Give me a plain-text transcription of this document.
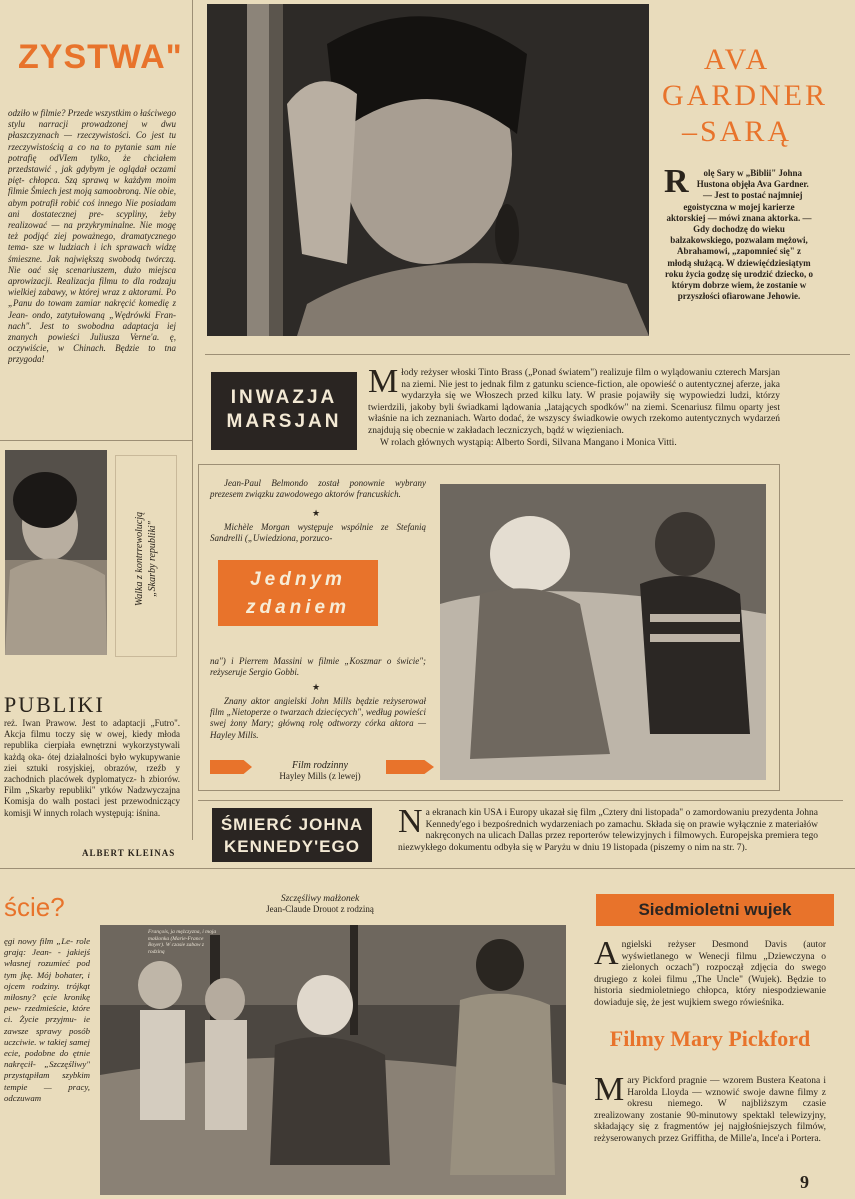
ZYSTWA"
odziło w filmie? Przede wszystkim o łaściwego stylu narracji prowadzonej w dwu płaszczyznach — rzeczywistości. Co jest tu rzeczywistością a co na to pytanie sam nie potrafię odVIem tylko, że chciałem przedstawić , jak gdybym je oglądał oczami pięt- chłopca. Szą sprawą w każdym moim filmie Śmiech jest moją samoobroną. Nie obie, abym potrafił robić coś innego Nie posiadam ani dostatecznej pre- scypliny, żeby realizować — na przykryminalne. Nie mogę też podjąć ziej poważnego, dramatycznego tema- sze w ludziach i ich sprawach widzę śmieszne. Jak największą swobodą twórczą. Nie oać się scenariuszem, dużo miejsca aprowizacji. Realizacja filmu to dla rodzaju wielkiej zabawy, w której wraz z aktorami. Po „Panu do towam zamiar nakręcić komedię z Jean- ondo, zatytułowaną „Wędrówki Fran- nach". Jest to swobodna adaptacja iej znanych powieści Juliusza Verne'a. ę, oczywiście, w Chinach. Będzie to tna przygoda!
Walka z kontrrewolucją „Skarby republiki"
PUBLIKI
reż. Iwan Prawow. Jest to adaptacji „Futro". Akcja filmu toczy się w owej, kiedy młoda republika cierpiała ewnętrzni wykorzystywali każdą oka- ótej działalności było wykupywanie ziei sztuki rosyjskiej, obrazów, rzeźb y zachodnich placówek dyplomatycz- h zbiorów. Film „Skarby republiki" ytków Nadzwyczajna Komisja do walh postaci jest przewodniczący komisji W innych rolach występują: iśnina.
ALBERT KLEINAS
AVA
GARDNER
–SARĄ
R olę Sary w „Biblii" Johna Hustona objęła Ava Gardner. — Jest to postać najmniej egoistyczna w mojej karierze aktorskiej — mówi znana aktorka. — Gdy dochodzę do wieku balzakowskiego, pozwalam mężowi, Abrahamowi, „zapomnieć się" z młodą służącą. W dziewięćdziesiątym roku życia godzę się urodzić dziecko, o którym dobrze wiem, że zostanie w przyszłości ofiarowane Jehowie.
INWAZJA
MARSJAN
Młody reżyser włoski Tinto Brass („Ponad światem") realizuje film o wylądowaniu czterech Marsjan na ziemi. Nie jest to jednak film z gatunku science-fiction, ale opowieść o autentycznej aferze, jaka wydarzyła się we Włoszech przed kilku laty. W prasie pojawiły się wypowiedzi ludzi, którzy twierdzili, jakoby byli świadkami lądowania „latających spodków" na ziemi. Scenariusz filmu oparty jest właśnie na ich zeznaniach. Warto dodać, że wszyscy świadkowie owych rzekomo autentycznych wydarzeń znajdują się obecnie w zakładach leczniczych, bądź w więzieniach.
W rolach głównych wystąpią: Alberto Sordi, Silvana Mangano i Monica Vitti.
Jean-Paul Belmondo został ponownie wybrany prezesem związku zawodowego aktorów francuskich.
★
Michèle Morgan występuje wspólnie ze Stefanią Sandrelli („Uwiedziona, porzuco-
Jednym
zdaniem
na") i Pierrem Massini w filmie „Koszmar o świcie"; reżyseruje Sergio Gobbi.
★
Znany aktor angielski John Mills będzie reżyserował film „Nietoperze o twarzach dziecięcych", według powieści swej żony Mary; główną rolę odtworzy córka aktora — Hayley Mills.
Film rodzinny
Hayley Mills (z lewej)
ŚMIERĆ JOHNA
KENNEDY'EGO
Na ekranach kin USA i Europy ukazał się film „Cztery dni listopada" o zamordowaniu prezydenta Johna Kennedy'ego i bezpośrednich wydarzeniach po zamachu. Składa się on prawie wyłącznie z materiałów nakręconych na ulicach Dallas przez reporterów telewizyjnych i filmowych. Europejska premiera tego niezwykłego dokumentu odbyła się w Paryżu w dniu 19 listopada (piszemy o nim na str. 7).
ście?
ęgi nowy film „Le- role grają: Jean- - jakiejś własnej rozumieć pod tym jkę. Mój bohater, i ojcem rodziny. trójkąt miłosny? ęcie kronikę pew- rzedmieście, które ci. Życie przyjmu- ie zawsze sprawy posób uczciwie. w takiej samej ecie, podobne do ętnie nakręcił- „Szczęśliwy" przystąpiłam szybkim tempie — pracy, odczuwam
Szczęśliwy małżonek
Jean-Claude Drouot z rodziną
François, ja mężczyzna, i moja małżonka (Marie-France Boyer). W czasie zabaw z rodziną
Siedmioletni wujek
Angielski reżyser Desmond Davis (autor wyświetlanego w Wenecji filmu „Dziewczyna o zielonych oczach") rozpoczął zdjęcia do swego drugiego z kolei filmu „The Uncle" (Wujek). Będzie to historia siedmioletniego chłopca, który niespodziewanie dowiaduje się, że jest wujkiem swego rówieśnika.
Filmy Mary Pickford
Mary Pickford pragnie — wzorem Bustera Keatona i Harolda Lloyda — wznowić swoje dawne filmy z okresu niemego. W najbliższym czasie zrealizowany zostanie 90-minutowy spektakl telewizyjny, składający się z fragmentów jej najgłośniejszych filmów, reżyserowanych przez Griffitha, de Mille'a, Ince'a i Portera.
9
